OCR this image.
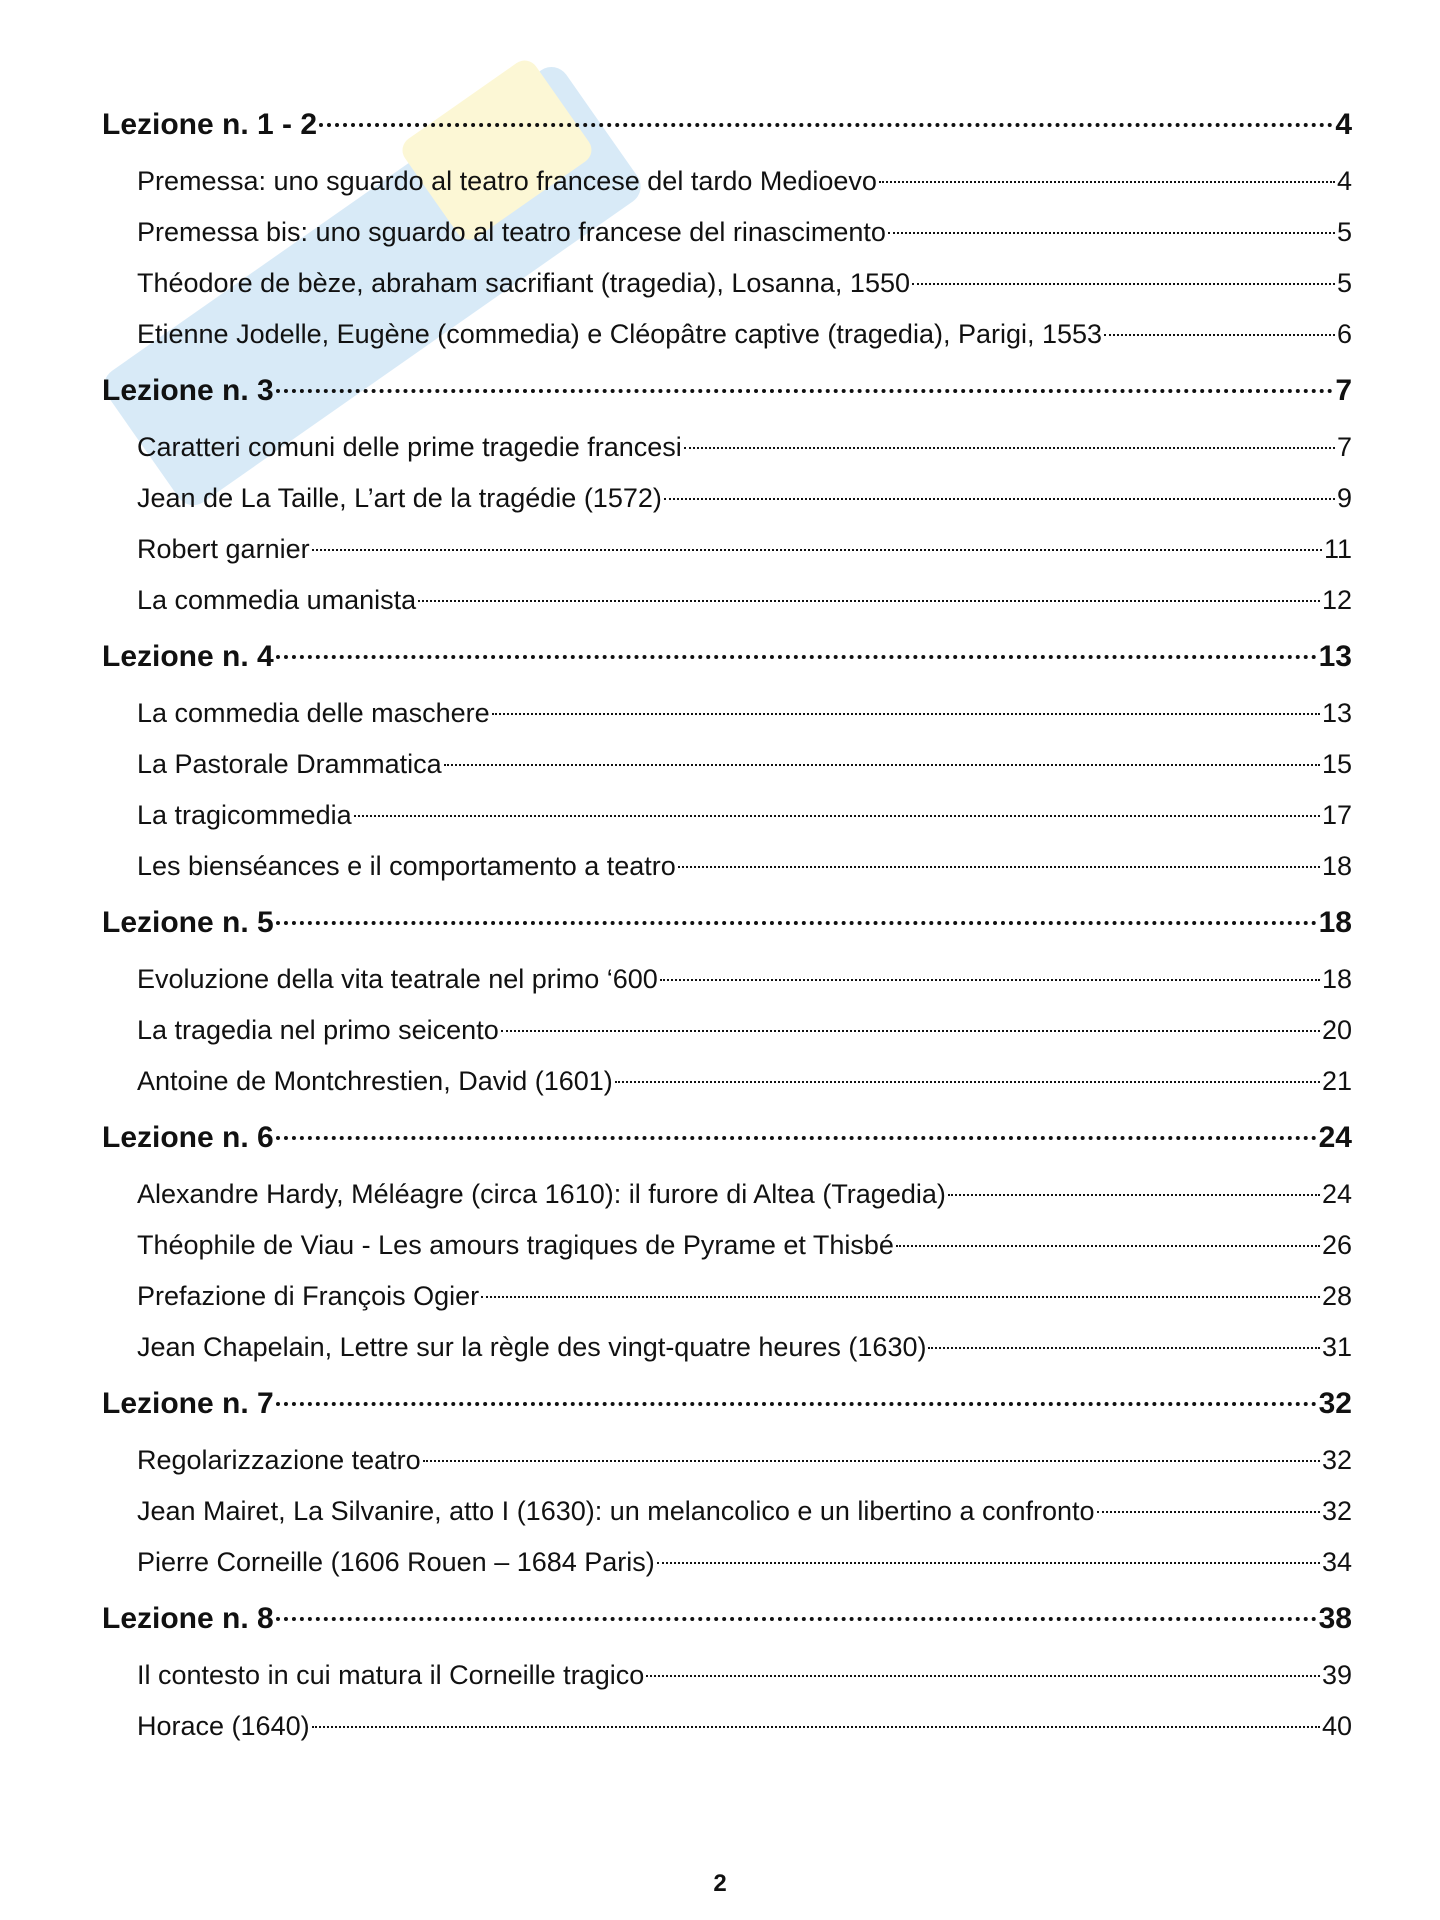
Lezione n. 1 - 2	4
Premessa: uno sguardo al teatro francese del tardo Medioevo	4
Premessa bis: uno sguardo al teatro francese del rinascimento	5
Théodore de bèze, abraham sacrifiant (tragedia), Losanna, 1550	5
Etienne Jodelle, Eugène (commedia) e Cléopâtre captive (tragedia), Parigi, 1553	6
Lezione n. 3	7
Caratteri comuni delle prime tragedie francesi	7
Jean de La Taille, L’art de la tragédie (1572)	9
Robert garnier	11
La commedia umanista	12
Lezione n. 4	13
La commedia delle maschere	13
La Pastorale Drammatica	15
La tragicommedia	17
Les bienséances e il comportamento a teatro	18
Lezione n. 5	18
Evoluzione della vita teatrale nel primo ‘600	18
La tragedia nel primo seicento	20
Antoine de Montchrestien, David (1601)	21
Lezione n. 6	24
Alexandre Hardy, Méléagre (circa 1610): il furore di Altea (Tragedia)	24
Théophile de Viau - Les amours tragiques de Pyrame et Thisbé	26
Prefazione di François Ogier	28
Jean Chapelain, Lettre sur la règle des vingt-quatre heures (1630)	31
Lezione n. 7	32
Regolarizzazione teatro	32
Jean Mairet, La Silvanire, atto I (1630): un melancolico e un libertino a confronto	32
Pierre Corneille (1606 Rouen – 1684 Paris)	34
Lezione n. 8	38
Il contesto in cui matura il Corneille tragico	39
Horace (1640)	40
2
